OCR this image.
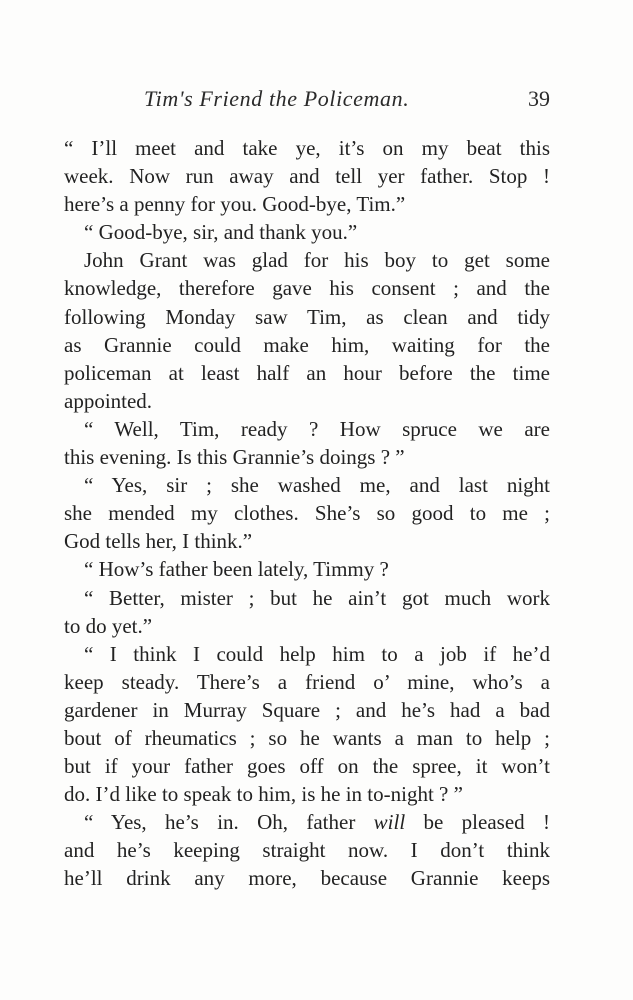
Tim's Friend the Policeman.	39
“ I’ll meet and take ye, it’s on my beat this
week. Now run away and tell yer father. Stop !
here’s a penny for you. Good-bye, Tim.”
“ Good-bye, sir, and thank you.”
John Grant was glad for his boy to get some
knowledge, therefore gave his consent ; and the
following Monday saw Tim, as clean and tidy
as Grannie could make him, waiting for the
policeman at least half an hour before the time
appointed.
“ Well, Tim, ready ? How spruce we are
this evening. Is this Grannie’s doings ? ”
“ Yes, sir ; she washed me, and last night
she mended my clothes. She’s so good to me ;
God tells her, I think.”
“ How’s father been lately, Timmy ?
“ Better, mister ; but he ain’t got much work
to do yet.”
“ I think I could help him to a job if he’d
keep steady. There’s a friend o’ mine, who’s a
gardener in Murray Square ; and he’s had a bad
bout of rheumatics ; so he wants a man to help ;
but if your father goes off on the spree, it won’t
do. I’d like to speak to him, is he in to-night ? ”
“ Yes, he’s in. Oh, father will be pleased !
and he’s keeping straight now. I don’t think
he’ll drink any more, because Grannie keeps
